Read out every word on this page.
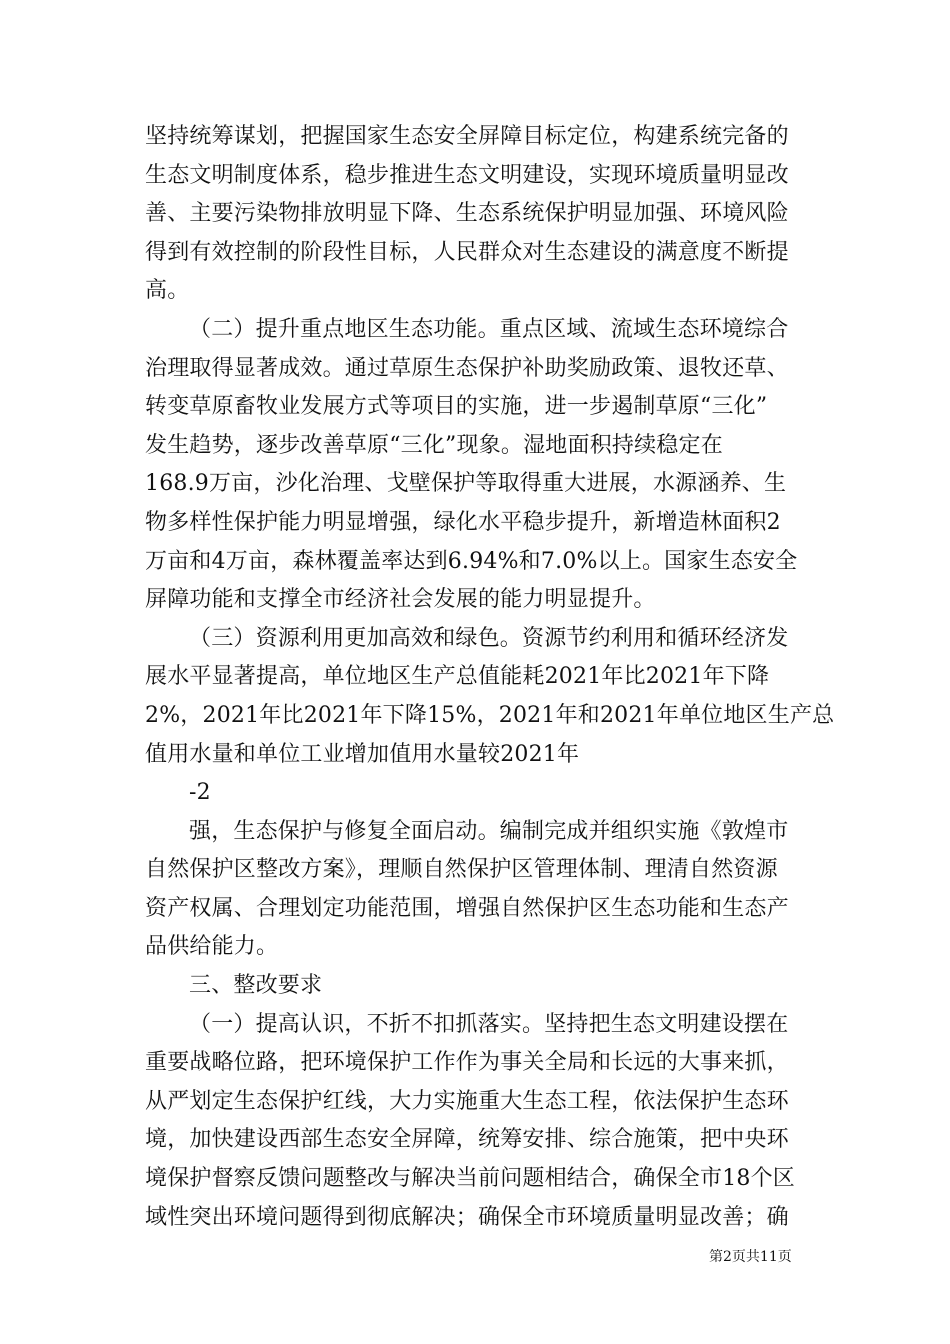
坚持统筹谋划，把握国家生态安全屏障目标定位，构建系统完备的
生态文明制度体系，稳步推进生态文明建设，实现环境质量明显改
善、主要污染物排放明显下降、生态系统保护明显加强、环境风险
得到有效控制的阶段性目标，人民群众对生态建设的满意度不断提
高。
（二）提升重点地区生态功能。重点区域、流域生态环境综合
治理取得显著成效。通过草原生态保护补助奖励政策、退牧还草、
转变草原畜牧业发展方式等项目的实施，进一步遏制草原“三化”
发生趋势，逐步改善草原“三化”现象。湿地面积持续稳定在
168.9万亩，沙化治理、戈壁保护等取得重大进展，水源涵养、生
物多样性保护能力明显增强，绿化水平稳步提升，新增造林面积2
万亩和4万亩，森林覆盖率达到6.94%和7.0%以上。国家生态安全
屏障功能和支撑全市经济社会发展的能力明显提升。
（三）资源利用更加高效和绿色。资源节约利用和循环经济发
展水平显著提高，单位地区生产总值能耗2021年比2021年下降
2%，2021年比2021年下降15%，2021年和2021年单位地区生产总
值用水量和单位工业增加值用水量较2021年
-2
强，生态保护与修复全面启动。编制完成并组织实施《敦煌市
自然保护区整改方案》，理顺自然保护区管理体制、理清自然资源
资产权属、合理划定功能范围，增强自然保护区生态功能和生态产
品供给能力。
三、整改要求
（一）提高认识，不折不扣抓落实。坚持把生态文明建设摆在
重要战略位路，把环境保护工作作为事关全局和长远的大事来抓，
从严划定生态保护红线，大力实施重大生态工程，依法保护生态环
境，加快建设西部生态安全屏障，统筹安排、综合施策，把中央环
境保护督察反馈问题整改与解决当前问题相结合，确保全市18个区
域性突出环境问题得到彻底解决；确保全市环境质量明显改善；确
第2页共11页
